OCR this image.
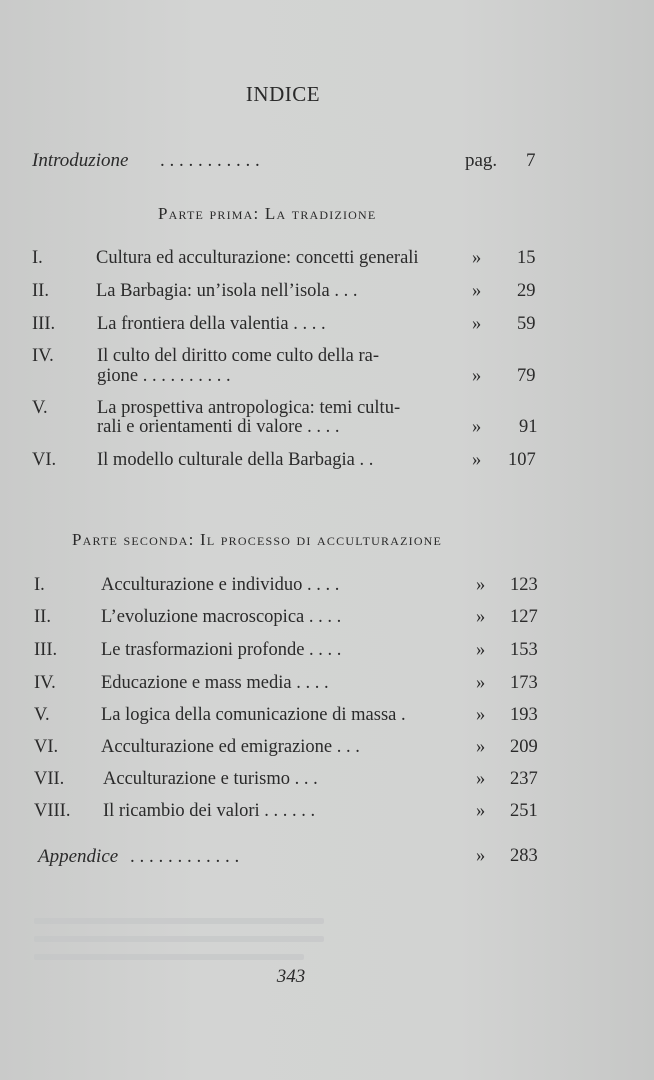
INDICE
Introduzione . . . . . . . . . . .	pag. 7
Parte prima: La tradizione
I.	Cultura ed acculturazione: concetti generali	» 15
II.	La Barbagia: un’isola nell’isola . . .	» 29
III. La frontiera della valentia . . . .	» 59
IV. Il culto del diritto come culto della ra-
gione . . . . . . . . . .	» 79
V.	La prospettiva antropologica: temi cultu-
rali e orientamenti di valore . . . .	» 91
VI. Il modello culturale della Barbagia . .	» 107
Parte seconda: Il processo di acculturazione
I.	Acculturazione e individuo . . . .	» 123
II.	L’evoluzione macroscopica . . . .	» 127
III. Le trasformazioni profonde . . . .	» 153
IV. Educazione e mass media . . . .	» 173
V.	La logica della comunicazione di massa .	» 193
VI. Acculturazione ed emigrazione . . .	» 209
VII. Acculturazione e turismo . . .	» 237
VIII. Il ricambio dei valori . . . . . .	» 251
Appendice . . . . . . . . . . . .	» 283
343
